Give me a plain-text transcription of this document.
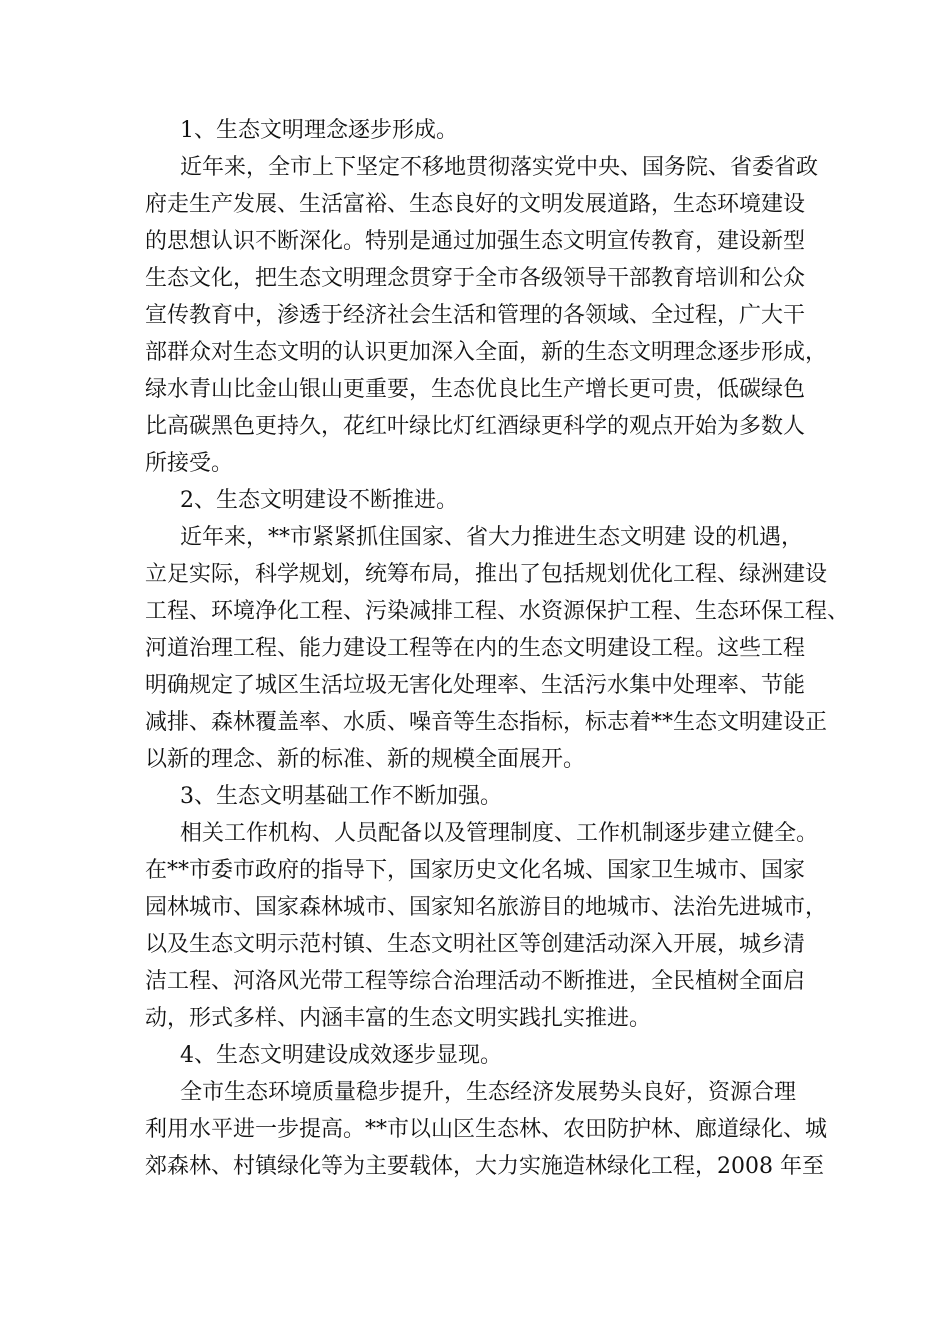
1、生态文明理念逐步形成。

近年来，全市上下坚定不移地贯彻落实党中央、国务院、省委省政
府走生产发展、生活富裕、生态良好的文明发展道路，生态环境建设
的思想认识不断深化。特别是通过加强生态文明宣传教育，建设新型
生态文化，把生态文明理念贯穿于全市各级领导干部教育培训和公众
宣传教育中，渗透于经济社会生活和管理的各领域、全过程，广大干
部群众对生态文明的认识更加深入全面，新的生态文明理念逐步形成，
绿水青山比金山银山更重要，生态优良比生产增长更可贵，低碳绿色
比高碳黑色更持久，花红叶绿比灯红酒绿更科学的观点开始为多数人
所接受。

2、生态文明建设不断推进。

近年来，**市紧紧抓住国家、省大力推进生态文明建 设的机遇，
立足实际，科学规划，统筹布局，推出了包括规划优化工程、绿洲建设
工程、环境净化工程、污染减排工程、水资源保护工程、生态环保工程、
河道治理工程、能力建设工程等在内的生态文明建设工程。这些工程
明确规定了城区生活垃圾无害化处理率、生活污水集中处理率、节能
减排、森林覆盖率、水质、噪音等生态指标，标志着**生态文明建设正
以新的理念、新的标准、新的规模全面展开。

3、生态文明基础工作不断加强。

相关工作机构、人员配备以及管理制度、工作机制逐步建立健全。
在**市委市政府的指导下，国家历史文化名城、国家卫生城市、国家
园林城市、国家森林城市、国家知名旅游目的地城市、法治先进城市，
以及生态文明示范村镇、生态文明社区等创建活动深入开展，城乡清
洁工程、河洛风光带工程等综合治理活动不断推进，全民植树全面启
动，形式多样、内涵丰富的生态文明实践扎实推进。

4、生态文明建设成效逐步显现。

全市生态环境质量稳步提升，生态经济发展势头良好，资源合理
利用水平进一步提高。**市以山区生态林、农田防护林、廊道绿化、城
郊森林、村镇绿化等为主要载体，大力实施造林绿化工程，2008 年至
